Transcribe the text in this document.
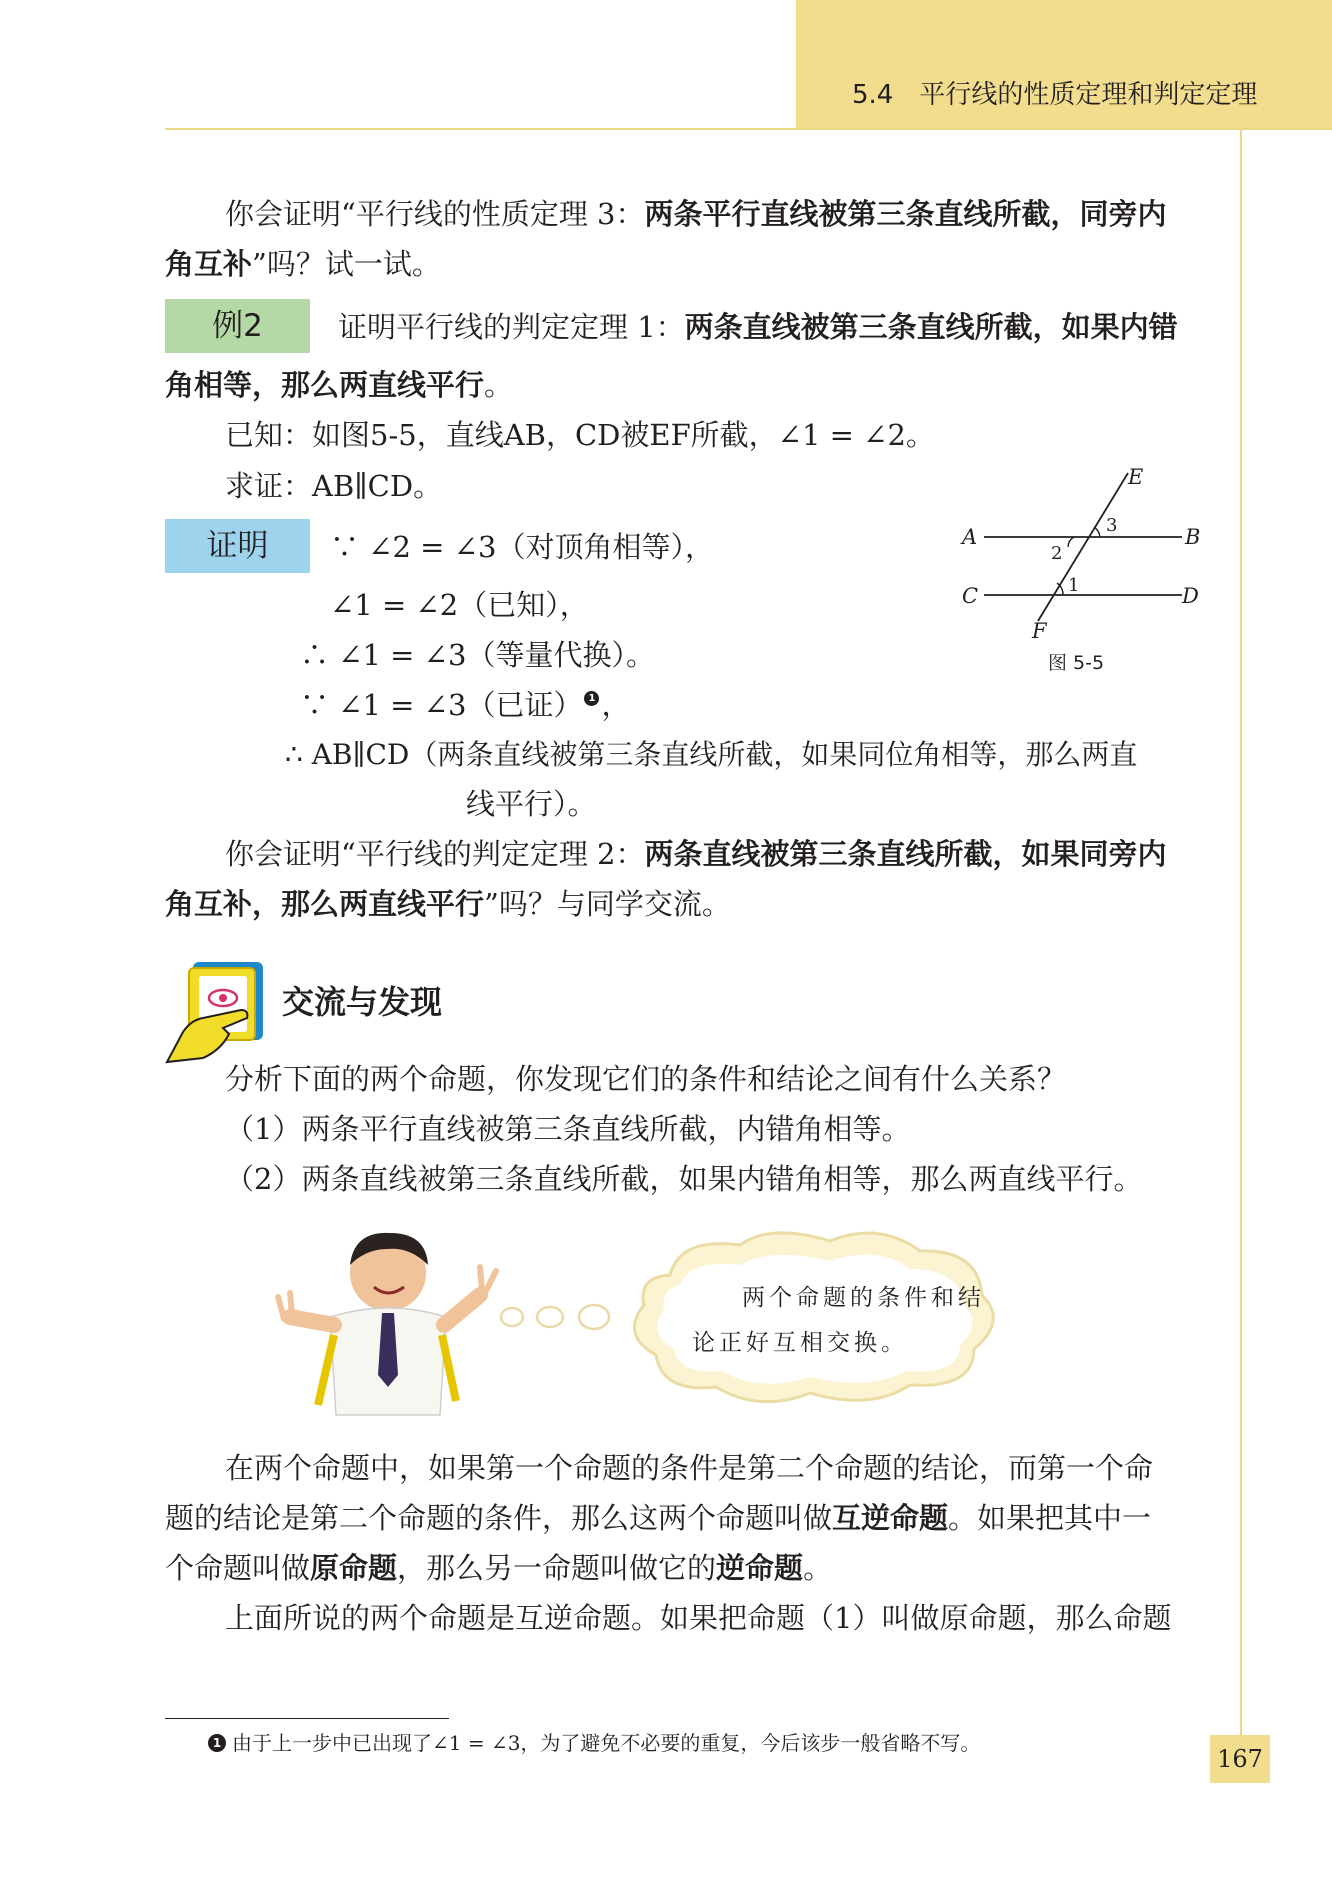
5.4　平行线的性质定理和判定定理
你会证明“平行线的性质定理 3：两条平行直线被第三条直线所截，同旁内
角互补”吗？试一试。
例2	证明平行线的判定定理 1：两条直线被第三条直线所截，如果内错
角相等，那么两直线平行。
已知：如图5-5，直线AB，CD被EF所截，∠1 = ∠2。
求证：AB∥CD。
证明	∵ ∠2 = ∠3（对顶角相等），
∠1 = ∠2（已知），
∴ ∠1 = ∠3（等量代换）。
∵ ∠1 = ∠3（已证） 1 ，
∴ AB∥CD（两条直线被第三条直线所截，如果同位角相等，那么两直
线平行）。
A	B
C	D
E
F
3
2
1
图 5-5
你会证明“平行线的判定定理 2：两条直线被第三条直线所截，如果同旁内
角互补，那么两直线平行”吗？与同学交流。
交流与发现
分析下面的两个命题，你发现它们的条件和结论之间有什么关系？
（1）两条平行直线被第三条直线所截，内错角相等。
（2）两条直线被第三条直线所截，如果内错角相等，那么两直线平行。
两个命题的条件和结
论正好互相交换。
在两个命题中，如果第一个命题的条件是第二个命题的结论，而第一个命
题的结论是第二个命题的条件，那么这两个命题叫做互逆命题。如果把其中一
个命题叫做原命题，那么另一命题叫做它的逆命题。
上面所说的两个命题是互逆命题。如果把命题（1）叫做原命题，那么命题
1 由于上一步中已出现了∠1 = ∠3，为了避免不必要的重复，今后该步一般省略不写。
167
